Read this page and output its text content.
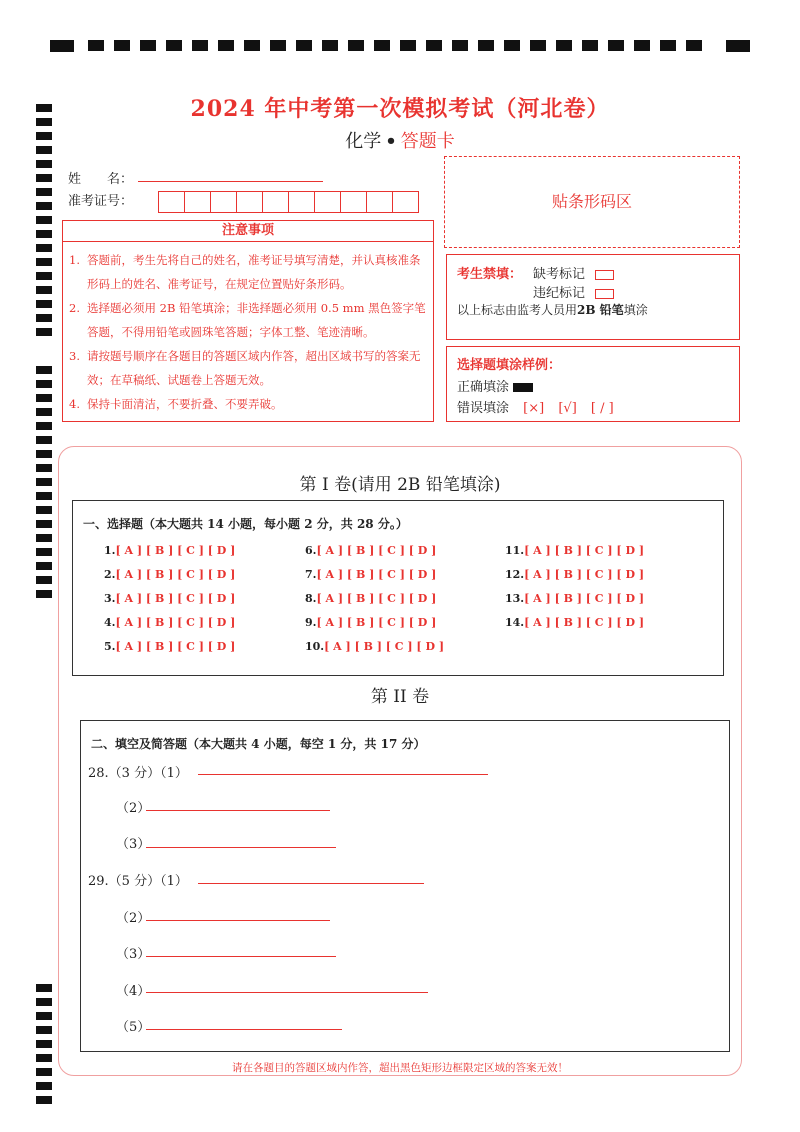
2024 年中考第一次模拟考试（河北卷）
化学 • 答题卡
姓　　名：
准考证号：	贴条形码区
注意事项
1. 答题前，考生先将自己的姓名，准考证号填写清楚，并认真核准条形码上的姓名、准考证号，在规定位置贴好条形码。
2. 选择题必须用 2B 铅笔填涂；非选择题必须用 0.5 mm 黑色签字笔答题，不得用铅笔或圆珠笔答题；字体工整、笔迹清晰。
3. 请按题号顺序在各题目的答题区域内作答，超出区域书写的答案无效；在草稿纸、试题卷上答题无效。
4. 保持卡面清洁，不要折叠、不要弄破。
考生禁填： 缺考标记
违纪标记
以上标志由监考人员用2B 铅笔填涂
选择题填涂样例：
正确填涂
错误填涂 [×] [√] [ / ]
第 I 卷(请用 2B 铅笔填涂)
一、选择题（本大题共 14 小题，每小题 2 分，共 28 分。）
1.[ A ] [ B ] [ C ] [ D ]
2.[ A ] [ B ] [ C ] [ D ]
3.[ A ] [ B ] [ C ] [ D ]
4.[ A ] [ B ] [ C ] [ D ]
5.[ A ] [ B ] [ C ] [ D ]
6.[ A ] [ B ] [ C ] [ D ]
7.[ A ] [ B ] [ C ] [ D ]
8.[ A ] [ B ] [ C ] [ D ]
9.[ A ] [ B ] [ C ] [ D ]
10.[ A ] [ B ] [ C ] [ D ]
11.[ A ] [ B ] [ C ] [ D ]
12.[ A ] [ B ] [ C ] [ D ]
13.[ A ] [ B ] [ C ] [ D ]
14.[ A ] [ B ] [ C ] [ D ]
第 II 卷
二、填空及简答题（本大题共 4 小题，每空 1 分，共 17 分）
28.（3 分）（1）
（2）
（3）
29.（5 分）（1）
（2）
（3）
（4）
（5）
请在各题目的答题区域内作答，超出黑色矩形边框限定区域的答案无效！
